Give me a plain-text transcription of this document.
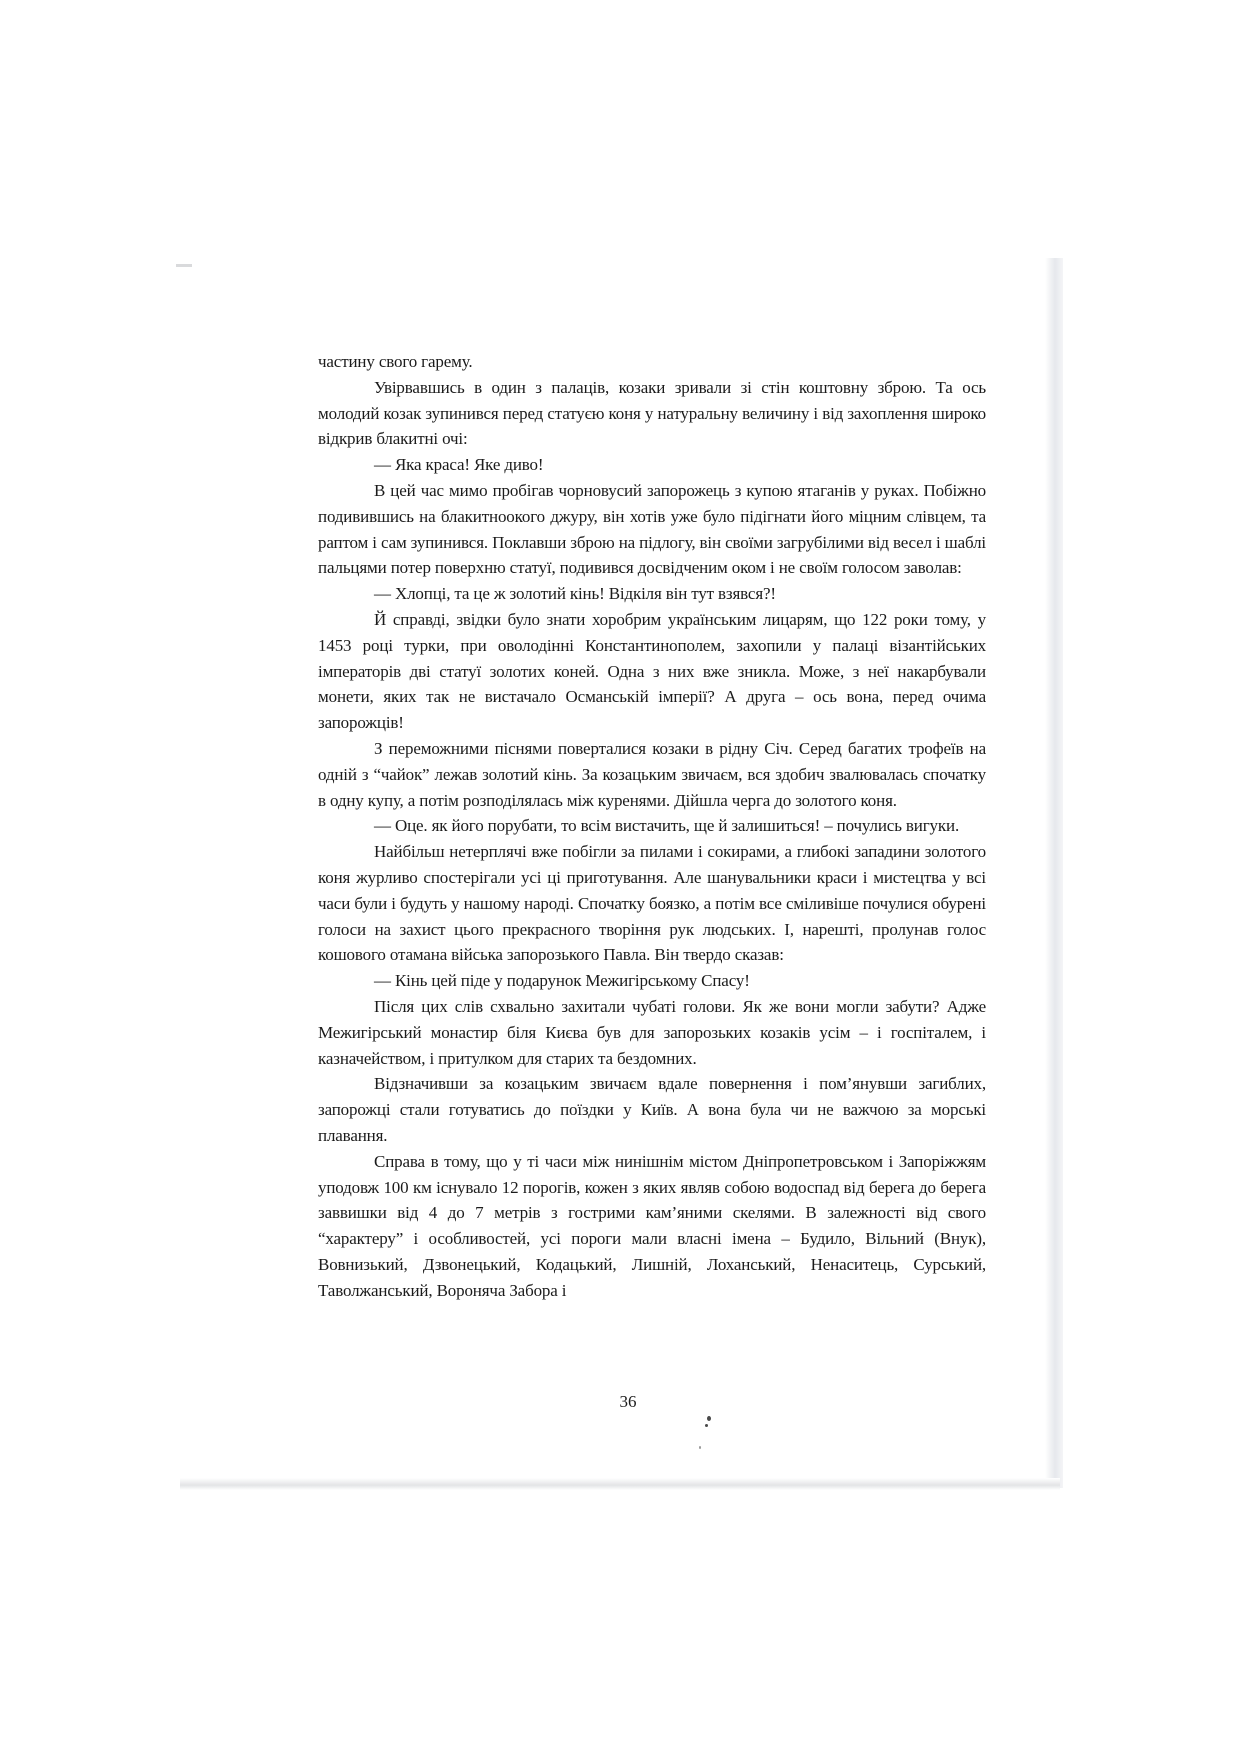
частину свого гарему.

Увірвавшись в один з палаців, козаки зривали зі стін коштовну зброю. Та ось молодий козак зупинився перед статуєю коня у натуральну величину і від захоплення широко відкрив блакитні очі:

— Яка краса! Яке диво!

В цей час мимо пробігав чорновусий запорожець з купою ятаганів у руках. Побіжно подивившись на блакитноокого джуру, він хотів уже було підігнати його міцним слівцем, та раптом і сам зупинився. Поклавши зброю на підлогу, він своїми загрубілими від весел і шаблі пальцями потер поверхню статуї, подивився досвідченим оком і не своїм голосом заволав:

— Хлопці, та це ж золотий кінь! Відкіля він тут взявся?!

Й справді, звідки було знати хоробрим українським лицарям, що 122 роки тому, у 1453 році турки, при оволодінні Константинополем, захопили у палаці візантійських імператорів дві статуї золотих коней. Одна з них вже зникла. Може, з неї накарбували монети, яких так не вистачало Османській імперії? А друга – ось вона, перед очима запорожців!

З переможними піснями поверталися козаки в рідну Січ. Серед багатих трофеїв на одній з “чайок” лежав золотий кінь. За козацьким звичаєм, вся здобич звалювалась спочатку в одну купу, а потім розподілялась між куренями. Дійшла черга до золотого коня.

— Оце. як його порубати, то всім вистачить, ще й залишиться! – почулись вигуки.

Найбільш нетерплячі вже побігли за пилами і сокирами, а глибокі западини золотого коня журливо спостерігали усі ці приготування. Але шанувальники краси і мистецтва у всі часи були і будуть у нашому народі. Спочатку боязко, а потім все сміливіше почулися обурені голоси на захист цього прекрасного творіння рук людських. І, нарешті, пролунав голос кошового отамана війська запорозького Павла. Він твердо сказав:

— Кінь цей піде у подарунок Межигірському Спасу!

Після цих слів схвально захитали чубаті голови. Як же вони могли забути? Адже Межигірський монастир біля Києва був для запорозьких козаків усім – і госпіталем, і казначейством, і притулком для старих та бездомних.

Відзначивши за козацьким звичаєм вдале повернення і пом’янувши загиблих, запорожці стали готуватись до поїздки у Київ. А вона була чи не важчою за морські плавання.

Справа в тому, що у ті часи між нинішнім містом Дніпропетровськом і Запоріжжям уподовж 100 км існувало 12 порогів, кожен з яких являв собою водоспад від берега до берега заввишки від 4 до 7 метрів з гострими кам’яними скелями. В залежності від свого “характеру” і особливостей, усі пороги мали власні імена – Будило, Вільний (Внук), Вовнизький, Дзвонецький, Кодацький, Лишній, Лоханський, Ненаситець, Сурський, Таволжанський, Вороняча Забора і

36
